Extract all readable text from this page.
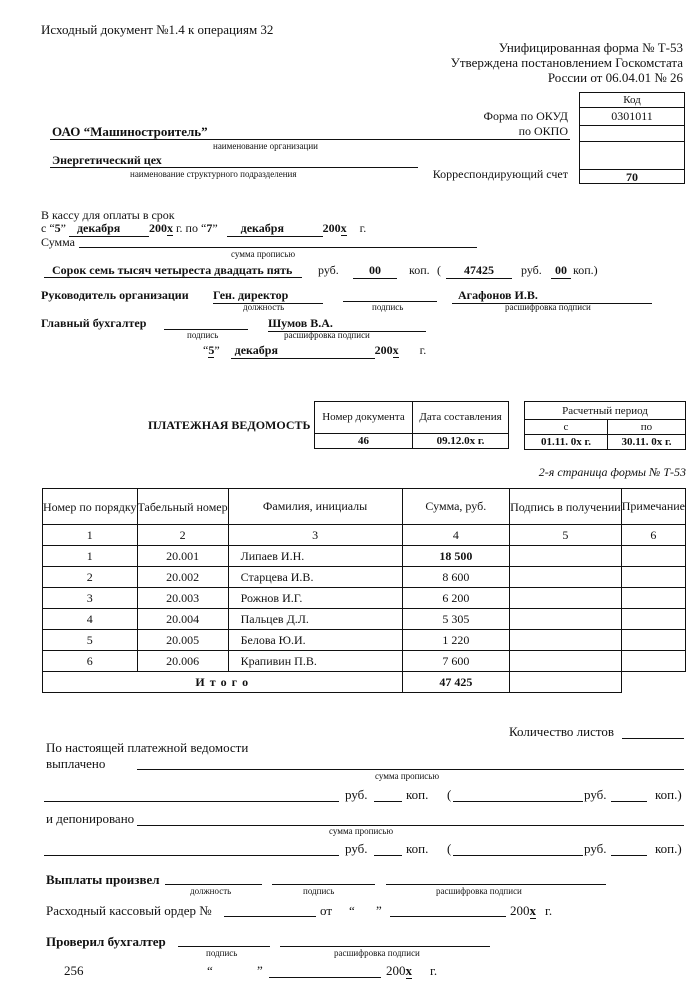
Исходный документ №1.4 к операциям 32
Унифицированная форма № Т-53
Утверждена постановлением Госкомстата
России от 06.04.01 № 26
Код
0301011
70
Форма по ОКУД
по ОКПО
Корреспондирующий счет
ОАО “Машиностроитель”
наименование организации
Энергетический цех
наименование структурного подразделения
В кассу для оплаты в срок
с “5” декабря 200x г. по “7” декабря	200x г.
Сумма
сумма прописью
Сорок семь тысяч четыреста двадцать пять руб.	00	коп. (	47425	руб.	00 коп.)
Руководитель организации Ген. директор	Агафонов И.В.
должность	подпись	расшифровка подписи
Главный бухгалтер	Шумов В.А.
подпись	расшифровка подписи
“5” декабря	200x г.
ПЛАТЕЖНАЯ ВЕДОМОСТЬ
Номер документа	Дата составления
46	09.12.0x г.
Расчетный период	
с	по
01.11. 0x г.	30.11. 0x г.
2-я страница формы № Т-53
Номер по порядку	Табельный номер	Фамилия, инициалы	Сумма, руб.	Подпись в получении	Примечание
1	2	3	4	5	6
1	20.001	Липаев И.Н.	18 500		
2	20.002	Старцева И.В.	8 600		
3	20.003	Рожнов И.Г.	6 200		
4	20.004	Пальцев Д.Л.	5 305		
5	20.005	Белова Ю.И.	1 220		
6	20.006	Крапивин П.В.	7 600		
И т о г о			47 425		
Количество листов
По настоящей платежной ведомости
выплачено
сумма прописью
руб.	коп. (	руб.	коп.)
и депонировано
сумма прописью
руб.	коп. (	руб.	коп.)
Выплаты произвел
должность	подпись	расшифровка подписи
Расходный кассовый ордер №	от “ ”	200x г.
Проверил бухгалтер
подпись	расшифровка подписи
256	“	”	200x г.
